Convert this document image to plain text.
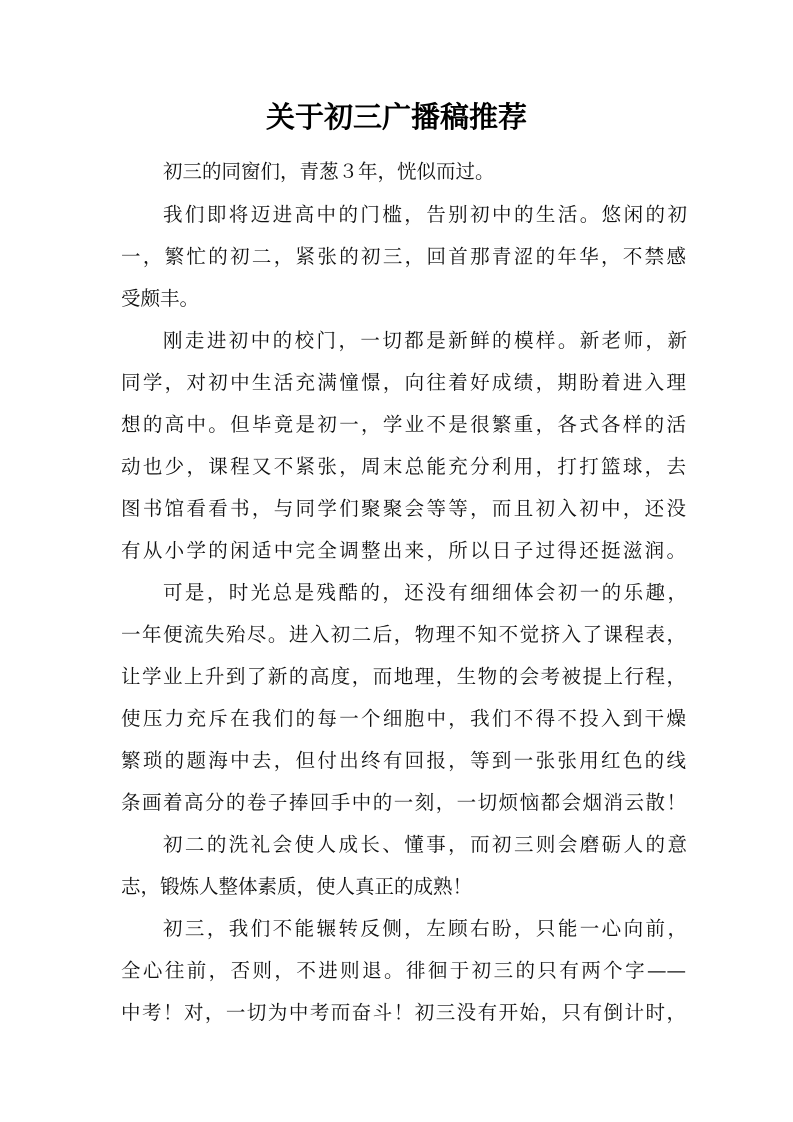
关于初三广播稿推荐
初三的同窗们，青葱３年，恍似而过。
我们即将迈进高中的门槛，告别初中的生活。悠闲的初
一，繁忙的初二，紧张的初三，回首那青涩的年华，不禁感
受颇丰。
刚走进初中的校门，一切都是新鲜的模样。新老师，新
同学，对初中生活充满憧憬，向往着好成绩，期盼着进入理
想的高中。但毕竟是初一，学业不是很繁重，各式各样的活
动也少，课程又不紧张，周末总能充分利用，打打篮球，去
图书馆看看书，与同学们聚聚会等等，而且初入初中，还没
有从小学的闲适中完全调整出来，所以日子过得还挺滋润。
可是，时光总是残酷的，还没有细细体会初一的乐趣，
一年便流失殆尽。进入初二后，物理不知不觉挤入了课程表，
让学业上升到了新的高度，而地理，生物的会考被提上行程，
使压力充斥在我们的每一个细胞中，我们不得不投入到干燥
繁琐的题海中去，但付出终有回报，等到一张张用红色的线
条画着高分的卷子捧回手中的一刻，一切烦恼都会烟消云散！
初二的洗礼会使人成长、懂事，而初三则会磨砺人的意
志，锻炼人整体素质，使人真正的成熟！
初三，我们不能辗转反侧，左顾右盼，只能一心向前，
全心往前，否则，不进则退。徘徊于初三的只有两个字——
中考！对，一切为中考而奋斗！初三没有开始，只有倒计时，
